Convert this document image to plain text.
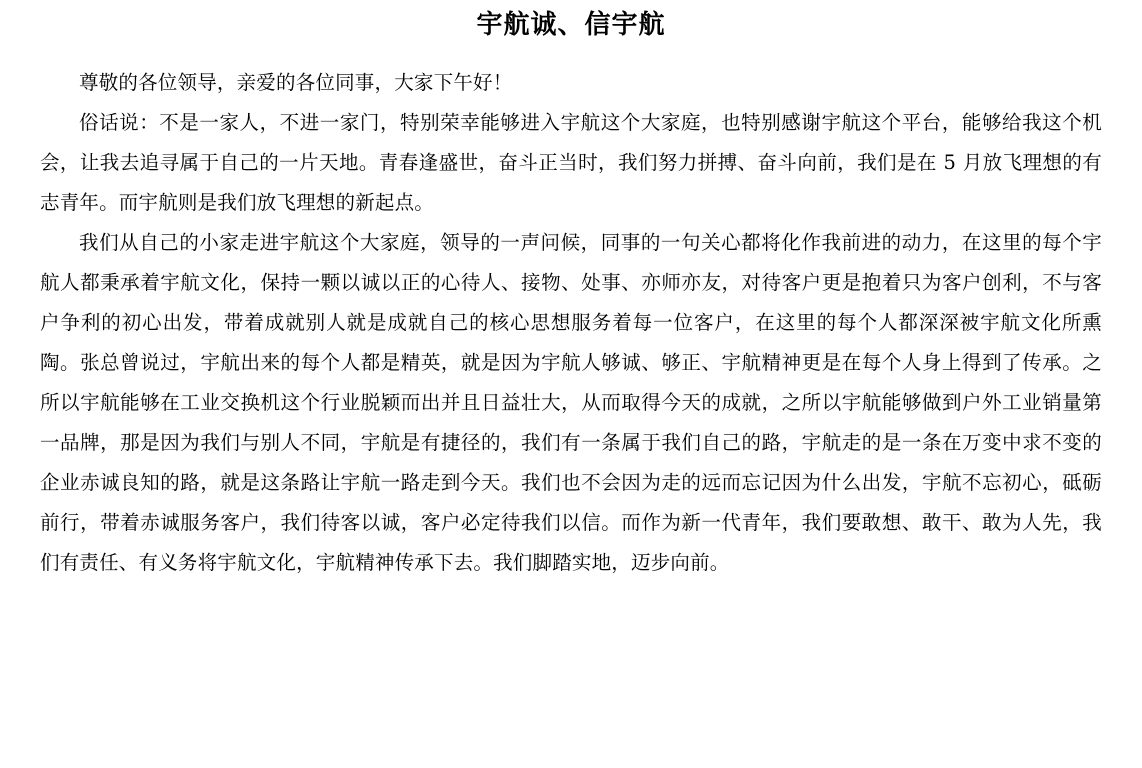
宇航诚、信宇航

尊敬的各位领导，亲爱的各位同事，大家下午好！

俗话说：不是一家人，不进一家门，特别荣幸能够进入宇航这个大家庭，也特别感谢宇航这个平台，能够给我这个机会，让我去追寻属于自己的一片天地。青春逢盛世，奋斗正当时，我们努力拼搏、奋斗向前，我们是在 5 月放飞理想的有志青年。而宇航则是我们放飞理想的新起点。

我们从自己的小家走进宇航这个大家庭，领导的一声问候，同事的一句关心都将化作我前进的动力，在这里的每个宇航人都秉承着宇航文化，保持一颗以诚以正的心待人、接物、处事、亦师亦友，对待客户更是抱着只为客户创利，不与客户争利的初心出发，带着成就别人就是成就自己的核心思想服务着每一位客户，在这里的每个人都深深被宇航文化所熏陶。张总曾说过，宇航出来的每个人都是精英，就是因为宇航人够诚、够正、宇航精神更是在每个人身上得到了传承。之所以宇航能够在工业交换机这个行业脱颖而出并且日益壮大，从而取得今天的成就，之所以宇航能够做到户外工业销量第一品牌，那是因为我们与别人不同，宇航是有捷径的，我们有一条属于我们自己的路，宇航走的是一条在万变中求不变的企业赤诚良知的路，就是这条路让宇航一路走到今天。我们也不会因为走的远而忘记因为什么出发，宇航不忘初心，砥砺前行，带着赤诚服务客户，我们待客以诚，客户必定待我们以信。而作为新一代青年，我们要敢想、敢干、敢为人先，我们有责任、有义务将宇航文化，宇航精神传承下去。我们脚踏实地，迈步向前。
